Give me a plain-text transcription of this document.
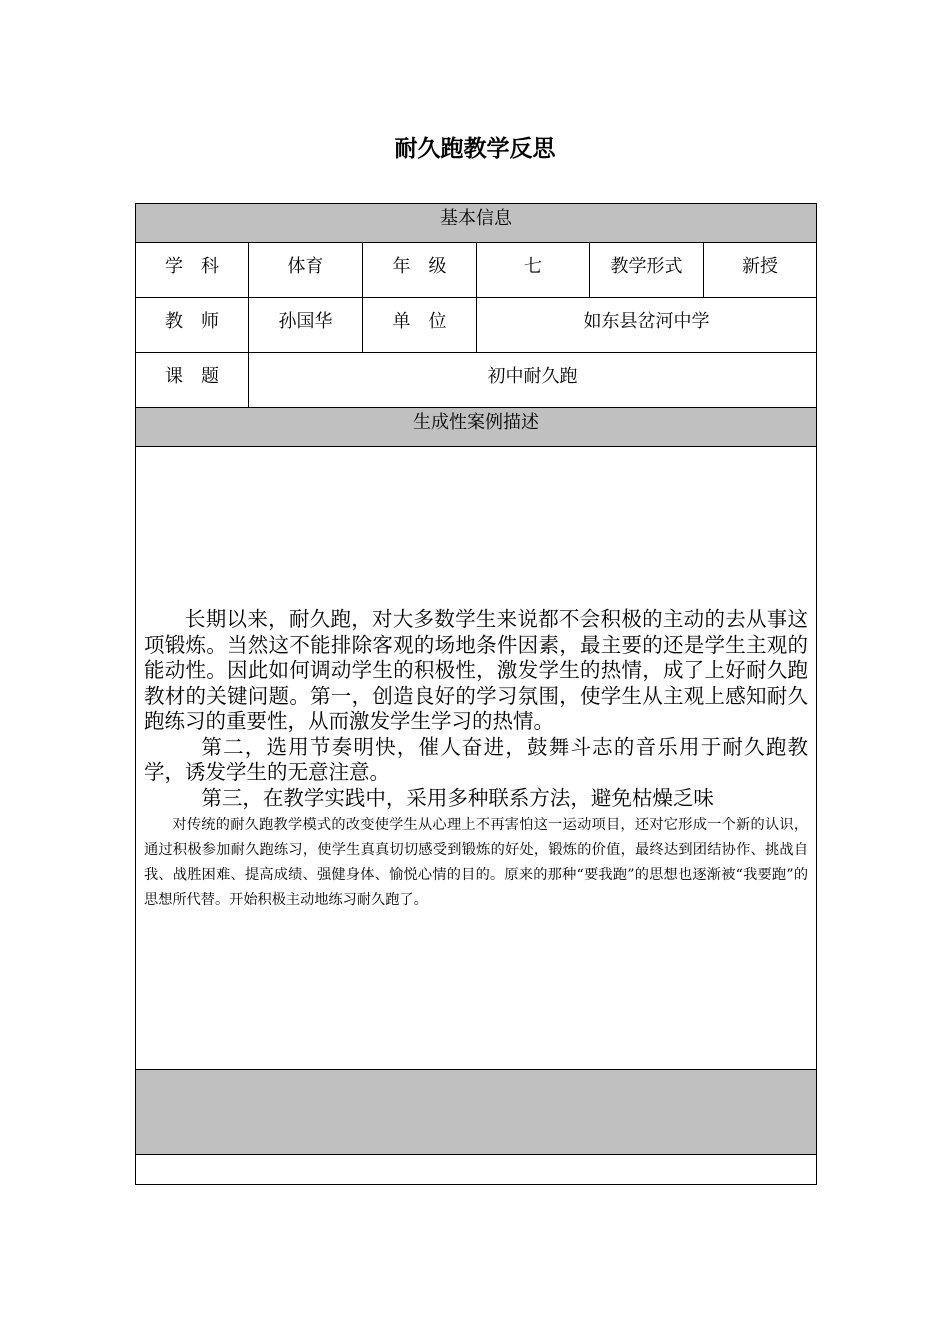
耐久跑教学反思
基本信息					

学　科	体育	年　级	七	教学形式	新授

教　师	孙国华	单　位	如东县岔河中学		

课　题	初中耐久跑				

生成性案例描述					

长期以来，耐久跑，对大多数学生来说都不会积极的主动的去从事这项锻炼。当然这不能排除客观的场地条件因素，最主要的还是学生主观的能动性。因此如何调动学生的积极性，激发学生的热情，成了上好耐久跑教材的关键问题。第一，创造良好的学习氛围，使学生从主观上感知耐久跑练习的重要性，从而激发学生学习的热情。

第二，选用节奏明快，催人奋进，鼓舞斗志的音乐用于耐久跑教学，诱发学生的无意注意。

第三，在教学实践中，采用多种联系方法，避免枯燥乏味

对传统的耐久跑教学模式的改变使学生从心理上不再害怕这一运动项目，还对它形成一个新的认识，通过积极参加耐久跑练习，使学生真真切切感受到锻炼的好处，锻炼的价值，最终达到团结协作、挑战自我、战胜困难、提高成绩、强健身体、愉悦心情的目的。原来的那种“要我跑”的思想也逐渐被“我要跑”的思想所代替。开始积极主动地练习耐久跑了。					
